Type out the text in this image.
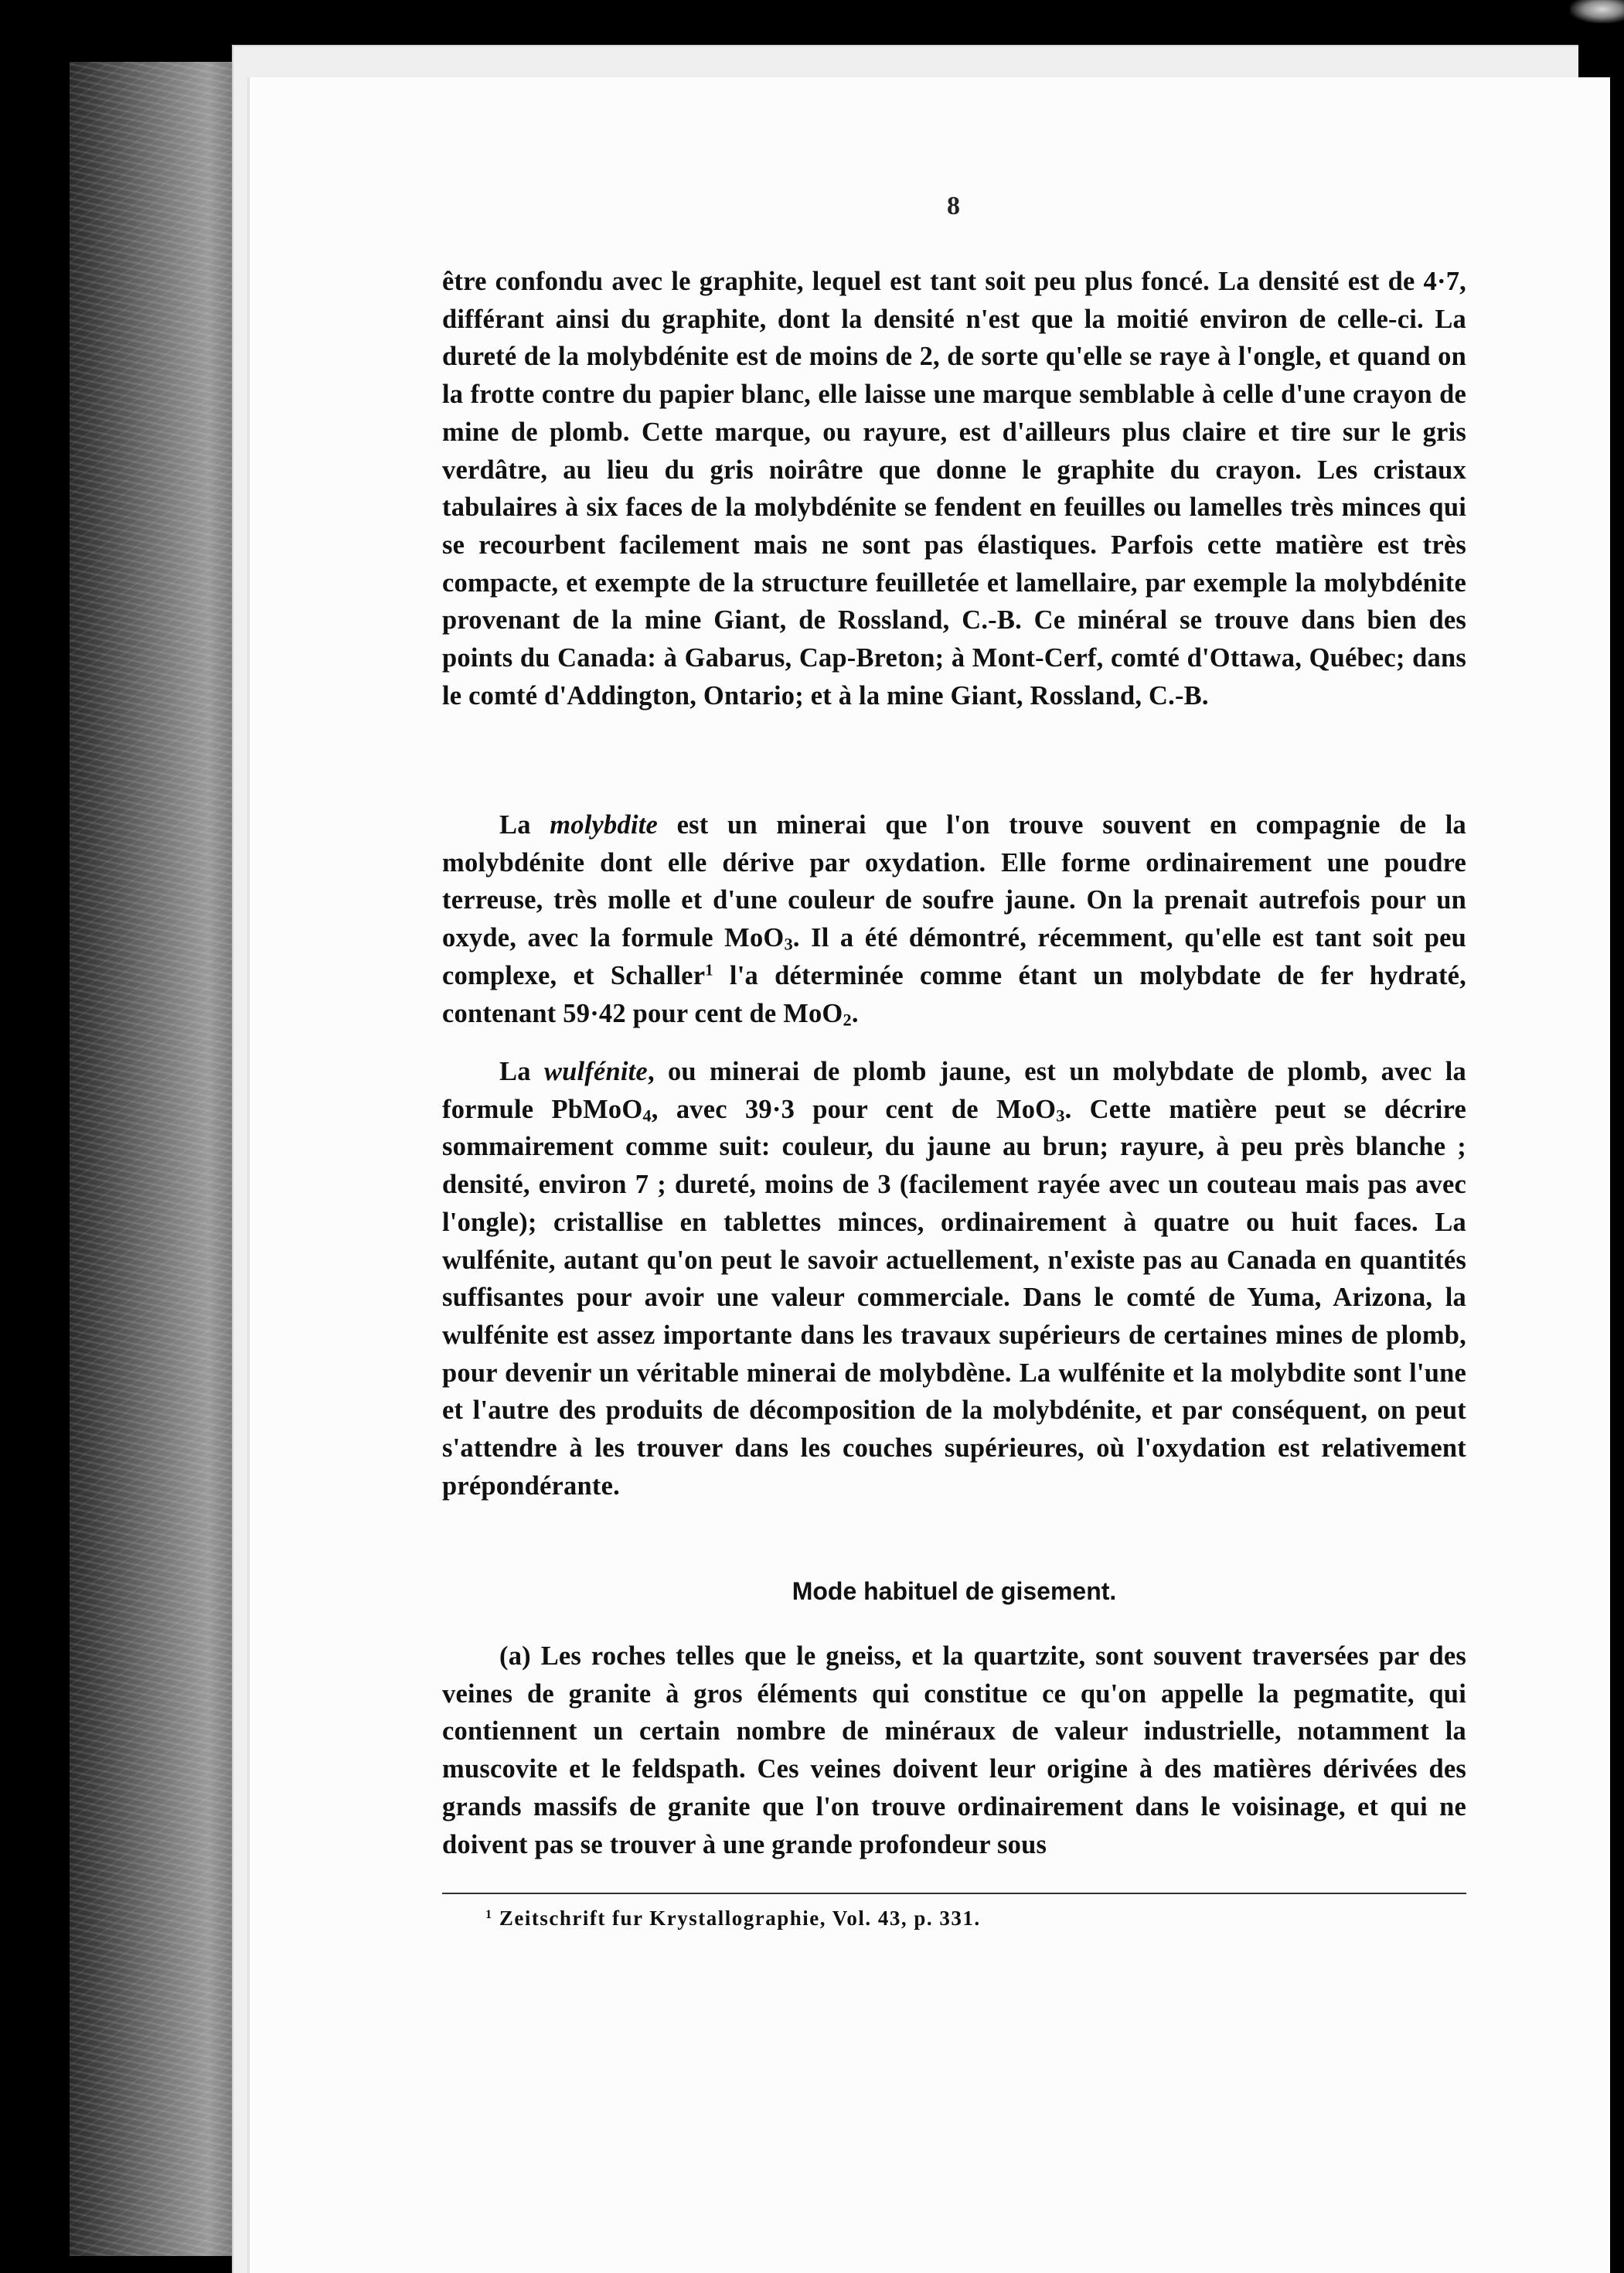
8

être confondu avec le graphite, lequel est tant soit peu plus foncé. La densité est de 4·7, différant ainsi du graphite, dont la densité n'est que la moitié environ de celle-ci. La dureté de la molybdénite est de moins de 2, de sorte qu'elle se raye à l'ongle, et quand on la frotte contre du papier blanc, elle laisse une marque semblable à celle d'une crayon de mine de plomb. Cette marque, ou rayure, est d'ailleurs plus claire et tire sur le gris verdâtre, au lieu du gris noirâtre que donne le graphite du crayon. Les cristaux tabulaires à six faces de la molybdénite se fendent en feuilles ou lamelles très minces qui se recourbent facilement mais ne sont pas élastiques. Parfois cette matière est très compacte, et exempte de la structure feuilletée et lamellaire, par exemple la molybdénite provenant de la mine Giant, de Rossland, C.-B. Ce minéral se trouve dans bien des points du Canada: à Gabarus, Cap-Breton; à Mont-Cerf, comté d'Ottawa, Québec; dans le comté d'Addington, Ontario; et à la mine Giant, Rossland, C.-B.

La molybdite est un minerai que l'on trouve souvent en compagnie de la molybdénite dont elle dérive par oxydation. Elle forme ordinairement une poudre terreuse, très molle et d'une couleur de soufre jaune. On la prenait autrefois pour un oxyde, avec la formule MoO$_3$. Il a été démontré, récemment, qu'elle est tant soit peu complexe, et Schaller$^1$ l'a déterminée comme étant un molybdate de fer hydraté, contenant 59·42 pour cent de MoO$_2$.

La wulfénite, ou minerai de plomb jaune, est un molybdate de plomb, avec la formule PbMoO$_4$, avec 39·3 pour cent de MoO$_3$. Cette matière peut se décrire sommairement comme suit: couleur, du jaune au brun; rayure, à peu près blanche ; densité, environ 7 ; dureté, moins de 3 (facilement rayée avec un couteau mais pas avec l'ongle); cristallise en tablettes minces, ordinairement à quatre ou huit faces. La wulfénite, autant qu'on peut le savoir actuellement, n'existe pas au Canada en quantités suffisantes pour avoir une valeur commerciale. Dans le comté de Yuma, Arizona, la wulfénite est assez importante dans les travaux supérieurs de certaines mines de plomb, pour devenir un véritable minerai de molybdène. La wulfénite et la molybdite sont l'une et l'autre des produits de décomposition de la molybdénite, et par conséquent, on peut s'attendre à les trouver dans les couches supérieures, où l'oxydation est relativement prépondérante.

Mode habituel de gisement.

(a) Les roches telles que le gneiss, et la quartzite, sont souvent traversées par des veines de granite à gros éléments qui constitue ce qu'on appelle la pegmatite, qui contiennent un certain nombre de minéraux de valeur industrielle, notamment la muscovite et le feldspath. Ces veines doivent leur origine à des matières dérivées des grands massifs de granite que l'on trouve ordinairement dans le voisinage, et qui ne doivent pas se trouver à une grande profondeur sous

$^1$ Zeitschrift fur Krystallographie, Vol. 43, p. 331.
